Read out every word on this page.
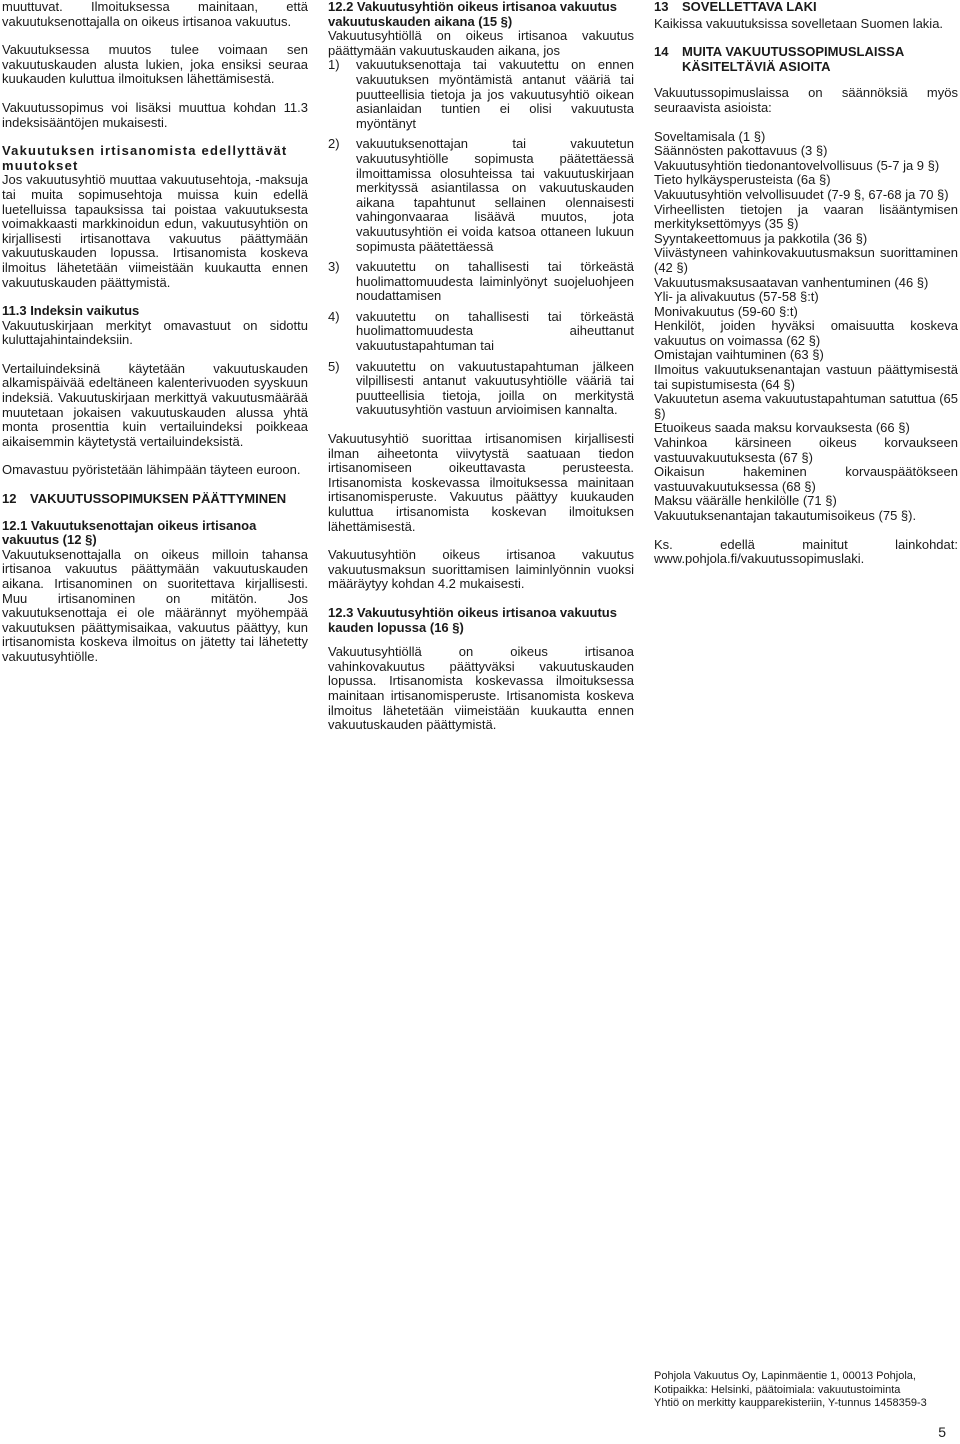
muuttuvat. Ilmoituksessa mainitaan, että vakuutuksenottajalla on oikeus irtisanoa vakuutus.

Vakuutuksessa muutos tulee voimaan sen vakuutuskauden alusta lukien, joka ensiksi seuraa kuukauden kuluttua ilmoituksen lähettämisestä.

Vakuutussopimus voi lisäksi muuttua kohdan 11.3 indeksisääntöjen mukaisesti.

Vakuutuksen irtisanomista edellyttävät muutokset

Jos vakuutusyhtiö muuttaa vakuutusehtoja, -maksuja tai muita sopimusehtoja muissa kuin edellä luetelluissa tapauksissa tai poistaa vakuutuksesta voimakkaasti markkinoidun edun, vakuutusyhtiön on kirjallisesti irtisanottava vakuutus päättymään vakuutuskauden lopussa. Irtisanomista koskeva ilmoitus lähetetään viimeistään kuukautta ennen vakuutuskauden päättymistä.

11.3 Indeksin vaikutus

Vakuutuskirjaan merkityt omavastuut on sidottu kuluttajahintaindeksiin.

Vertailuindeksinä käytetään vakuutuskauden alkamispäivää edeltäneen kalenterivuoden syyskuun indeksiä. Vakuutuskirjaan merkittyä vakuutusmäärää muutetaan jokaisen vakuutuskauden alussa yhtä monta prosenttia kuin vertailuindeksi poikkeaa aikaisemmin käytetystä vertailuindeksistä.

Omavastuu pyöristetään lähimpään täyteen euroon.

12 VAKUUTUSSOPIMUKSEN PÄÄTTYMINEN
12.1 Vakuutuksenottajan oikeus irtisanoa vakuutus (12 §)

Vakuutuksenottajalla on oikeus milloin tahansa irtisanoa vakuutus päättymään vakuutuskauden aikana. Irtisanominen on suoritettava kirjallisesti. Muu irtisanominen on mitätön. Jos vakuutuksenottaja ei ole määrännyt myöhempää vakuutuksen päättymisaikaa, vakuutus päättyy, kun irtisanomista koskeva ilmoitus on jätetty tai lähetetty vakuutusyhtiölle.

12.2 Vakuutusyhtiön oikeus irtisanoa vakuutus vakuutuskauden aikana (15 §)

Vakuutusyhtiöllä on oikeus irtisanoa vakuutus päättymään vakuutuskauden aikana, jos

1)	vakuutuksenottaja tai vakuutettu on ennen vakuutuksen myöntämistä antanut vääriä tai puutteellisia tietoja ja jos vakuutusyhtiö oikean asianlaidan tuntien ei olisi vakuutusta myöntänyt
2)	vakuutuksenottajan tai vakuutetun vakuutusyhtiölle sopimusta päätettäessä ilmoittamissa olosuhteissa tai vakuutuskirjaan merkityssä asiantilassa on vakuutuskauden aikana tapahtunut sellainen olennaisesti vahingonvaaraa lisäävä muutos, jota vakuutusyhtiön ei voida katsoa ottaneen lukuun sopimusta päätettäessä
3)	vakuutettu on tahallisesti tai törkeästä huolimattomuudesta laiminlyönyt suojeluohjeen noudattamisen
4)	vakuutettu on tahallisesti tai törkeästä huolimattomuudesta aiheuttanut vakuutustapahtuman tai
5)	vakuutettu on vakuutustapahtuman jälkeen vilpillisesti antanut vakuutusyhtiölle vääriä tai puutteellisia tietoja, joilla on merkitystä vakuutusyhtiön vastuun arvioimisen kannalta.

Vakuutusyhtiö suorittaa irtisanomisen kirjallisesti ilman aiheetonta viivytystä saatuaan tiedon irtisanomiseen oikeuttavasta perusteesta. Irtisanomista koskevassa ilmoituksessa mainitaan irtisanomisperuste. Vakuutus päättyy kuukauden kuluttua irtisanomista koskevan ilmoituksen lähettämisestä.

Vakuutusyhtiön oikeus irtisanoa vakuutus vakuutusmaksun suorittamisen laiminlyönnin vuoksi määräytyy kohdan 4.2 mukaisesti.

12.3 Vakuutusyhtiön oikeus irtisanoa vakuutus kauden lopussa (16 §)

Vakuutusyhtiöllä on oikeus irtisanoa vahinkovakuutus päättyväksi vakuutuskauden lopussa. Irtisanomista koskevassa ilmoituksessa mainitaan irtisanomisperuste. Irtisanomista koskeva ilmoitus lähetetään viimeistään kuukautta ennen vakuutuskauden päättymistä.

13 SOVELLETTAVA LAKI

Kaikissa vakuutuksissa sovelletaan Suomen lakia.

14 MUITA VAKUUTUSSOPIMUSLAISSA KÄSITELTÄVIÄ ASIOITA

Vakuutussopimuslaissa on säännöksiä myös seuraavista asioista:

Soveltamisala (1 §)
Säännösten pakottavuus (3 §)
Vakuutusyhtiön tiedonantovelvollisuus (5-7 ja 9 §)
Tieto hylkäysperusteista (6a §)
Vakuutusyhtiön velvollisuudet (7-9 §, 67-68 ja 70 §)
Virheellisten tietojen ja vaaran lisääntymisen merkityksettömyys (35 §)
Syyntakeettomuus ja pakkotila (36 §)
Viivästyneen vahinkovakuutusmaksun suorittaminen (42 §)
Vakuutusmaksusaatavan vanhentuminen (46 §)
Yli- ja alivakuutus (57-58 §:t)
Monivakuutus (59-60 §:t)
Henkilöt, joiden hyväksi omaisuutta koskeva vakuutus on voimassa (62 §)
Omistajan vaihtuminen (63 §)
Ilmoitus vakuutuksenantajan vastuun päättymisestä tai supistumisesta (64 §)
Vakuutetun asema vakuutustapahtuman satuttua (65 §)
Etuoikeus saada maksu korvauksesta (66 §)
Vahinkoa kärsineen oikeus korvaukseen vastuuvakuutuksesta (67 §)
Oikaisun hakeminen korvauspäätökseen vastuuvakuutuksessa (68 §)
Maksu väärälle henkilölle (71 §)
Vakuutuksenantajan takautumisoikeus (75 §).

Ks. edellä mainitut lainkohdat: www.pohjola.fi/vakuutussopimuslaki.

Pohjola Vakuutus Oy, Lapinmäentie 1, 00013 Pohjola,
Kotipaikka: Helsinki, päätoimiala: vakuutustoiminta
Yhtiö on merkitty kaupparekisteriin, Y-tunnus 1458359-3
5
